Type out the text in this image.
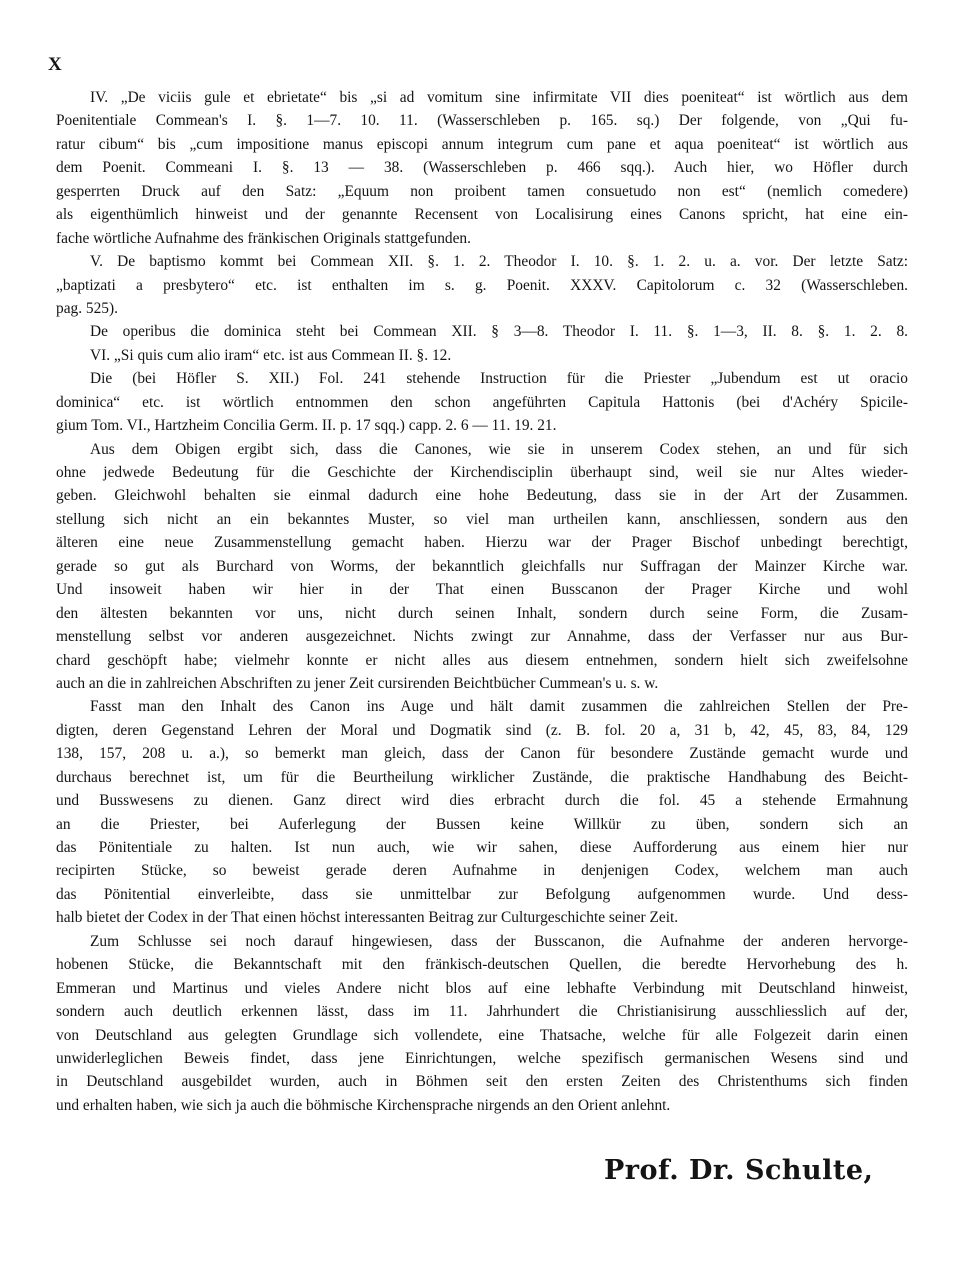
X
IV. „De viciis gule et ebrietate“ bis „si ad vomitum sine infirmitate VII dies poeniteat“ ist wörtlich aus dem
Poenitentiale Commean's I. §. 1—7. 10. 11. (Wasserschleben p. 165. sq.) Der folgende, von „Qui fu-
ratur cibum“ bis „cum impositione manus episcopi annum integrum cum pane et aqua poeniteat“ ist wörtlich aus
dem Poenit. Commeani I. §. 13 — 38. (Wasserschleben p. 466 sqq.). Auch hier, wo Höfler durch
gesperrten Druck auf den Satz: „Equum non proibent tamen consuetudo non est“ (nemlich comedere)
als eigenthümlich hinweist und der genannte Recensent von Localisirung eines Canons spricht, hat eine ein-
fache wörtliche Aufnahme des fränkischen Originals stattgefunden.
V. De baptismo kommt bei Commean XII. §. 1. 2. Theodor I. 10. §. 1. 2. u. a. vor. Der letzte Satz:
„baptizati a presbytero“ etc. ist enthalten im s. g. Poenit. XXXV. Capitolorum c. 32 (Wasserschleben.
pag. 525).
De operibus die dominica steht bei Commean XII. § 3—8. Theodor I. 11. §. 1—3, II. 8. §. 1. 2. 8.
VI. „Si quis cum alio iram“ etc. ist aus Commean II. §. 12.
Die (bei Höfler S. XII.) Fol. 241 stehende Instruction für die Priester „Jubendum est ut oracio
dominica“ etc. ist wörtlich entnommen den schon angeführten Capitula Hattonis (bei d'Achéry Spicile-
gium Tom. VI., Hartzheim Concilia Germ. II. p. 17 sqq.) capp. 2. 6 — 11. 19. 21.
Aus dem Obigen ergibt sich, dass die Canones, wie sie in unserem Codex stehen, an und für sich
ohne jedwede Bedeutung für die Geschichte der Kirchendisciplin überhaupt sind, weil sie nur Altes wieder-
geben. Gleichwohl behalten sie einmal dadurch eine hohe Bedeutung, dass sie in der Art der Zusammen.
stellung sich nicht an ein bekanntes Muster, so viel man urtheilen kann, anschliessen, sondern aus den
älteren eine neue Zusammenstellung gemacht haben. Hierzu war der Prager Bischof unbedingt berechtigt,
gerade so gut als Burchard von Worms, der bekanntlich gleichfalls nur Suffragan der Mainzer Kirche war.
Und insoweit haben wir hier in der That einen Busscanon der Prager Kirche und wohl
den ältesten bekannten vor uns, nicht durch seinen Inhalt, sondern durch seine Form, die Zusam-
menstellung selbst vor anderen ausgezeichnet. Nichts zwingt zur Annahme, dass der Verfasser nur aus Bur-
chard geschöpft habe; vielmehr konnte er nicht alles aus diesem entnehmen, sondern hielt sich zweifelsohne
auch an die in zahlreichen Abschriften zu jener Zeit cursirenden Beichtbücher Cummean's u. s. w.
Fasst man den Inhalt des Canon ins Auge und hält damit zusammen die zahlreichen Stellen der Pre-
digten, deren Gegenstand Lehren der Moral und Dogmatik sind (z. B. fol. 20 a, 31 b, 42, 45, 83, 84, 129
138, 157, 208 u. a.), so bemerkt man gleich, dass der Canon für besondere Zustände gemacht wurde und
durchaus berechnet ist, um für die Beurtheilung wirklicher Zustände, die praktische Handhabung des Beicht-
und Busswesens zu dienen. Ganz direct wird dies erbracht durch die fol. 45 a stehende Ermahnung
an die Priester, bei Auferlegung der Bussen keine Willkür zu üben, sondern sich an
das Pönitentiale zu halten. Ist nun auch, wie wir sahen, diese Aufforderung aus einem hier nur
recipirten Stücke, so beweist gerade deren Aufnahme in denjenigen Codex, welchem man auch
das Pönitential einverleibte, dass sie unmittelbar zur Befolgung aufgenommen wurde. Und dess-
halb bietet der Codex in der That einen höchst interessanten Beitrag zur Culturgeschichte seiner Zeit.
Zum Schlusse sei noch darauf hingewiesen, dass der Busscanon, die Aufnahme der anderen hervorge-
hobenen Stücke, die Bekanntschaft mit den fränkisch-deutschen Quellen, die beredte Hervorhebung des h.
Emmeran und Martinus und vieles Andere nicht blos auf eine lebhafte Verbindung mit Deutschland hinweist,
sondern auch deutlich erkennen lässt, dass im 11. Jahrhundert die Christianisirung ausschliesslich auf der,
von Deutschland aus gelegten Grundlage sich vollendete, eine Thatsache, welche für alle Folgezeit darin einen
unwiderleglichen Beweis findet, dass jene Einrichtungen, welche spezifisch germanischen Wesens sind und
in Deutschland ausgebildet wurden, auch in Böhmen seit den ersten Zeiten des Christenthums sich finden
und erhalten haben, wie sich ja auch die böhmische Kirchensprache nirgends an den Orient anlehnt.
Prof. Dr. Schulte,
